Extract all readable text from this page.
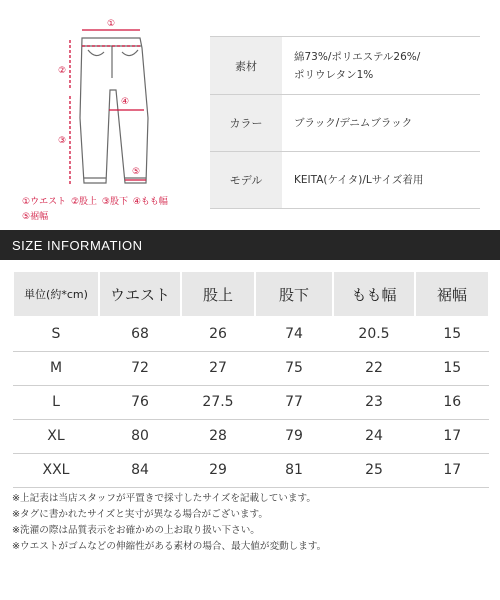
①
②
③
④
⑤
①ウエスト ②股上 ③股下 ④もも幅
⑤裾幅
素材
綿73%/ポリエステル26%/
ポリウレタン1%
カラー	ブラック/デニムブラック
モデル	KEITA(ケイタ)/Lサイズ着用
SIZE INFORMATION
単位(約*cm)	ウエスト	股上	股下	もも幅	裾幅
S	68	26	74	20.5	15
M	72	27	75	22	15
L	76	27.5	77	23	16
XL	80	28	79	24	17
XXL	84	29	81	25	17
※上記表は当店スタッフが平置きで採寸したサイズを記載しています。
※タグに書かれたサイズと実寸が異なる場合がございます。
※洗濯の際は品質表示をお確かめの上お取り扱い下さい。
※ウエストがゴムなどの伸縮性がある素材の場合、最大値が変動します。
